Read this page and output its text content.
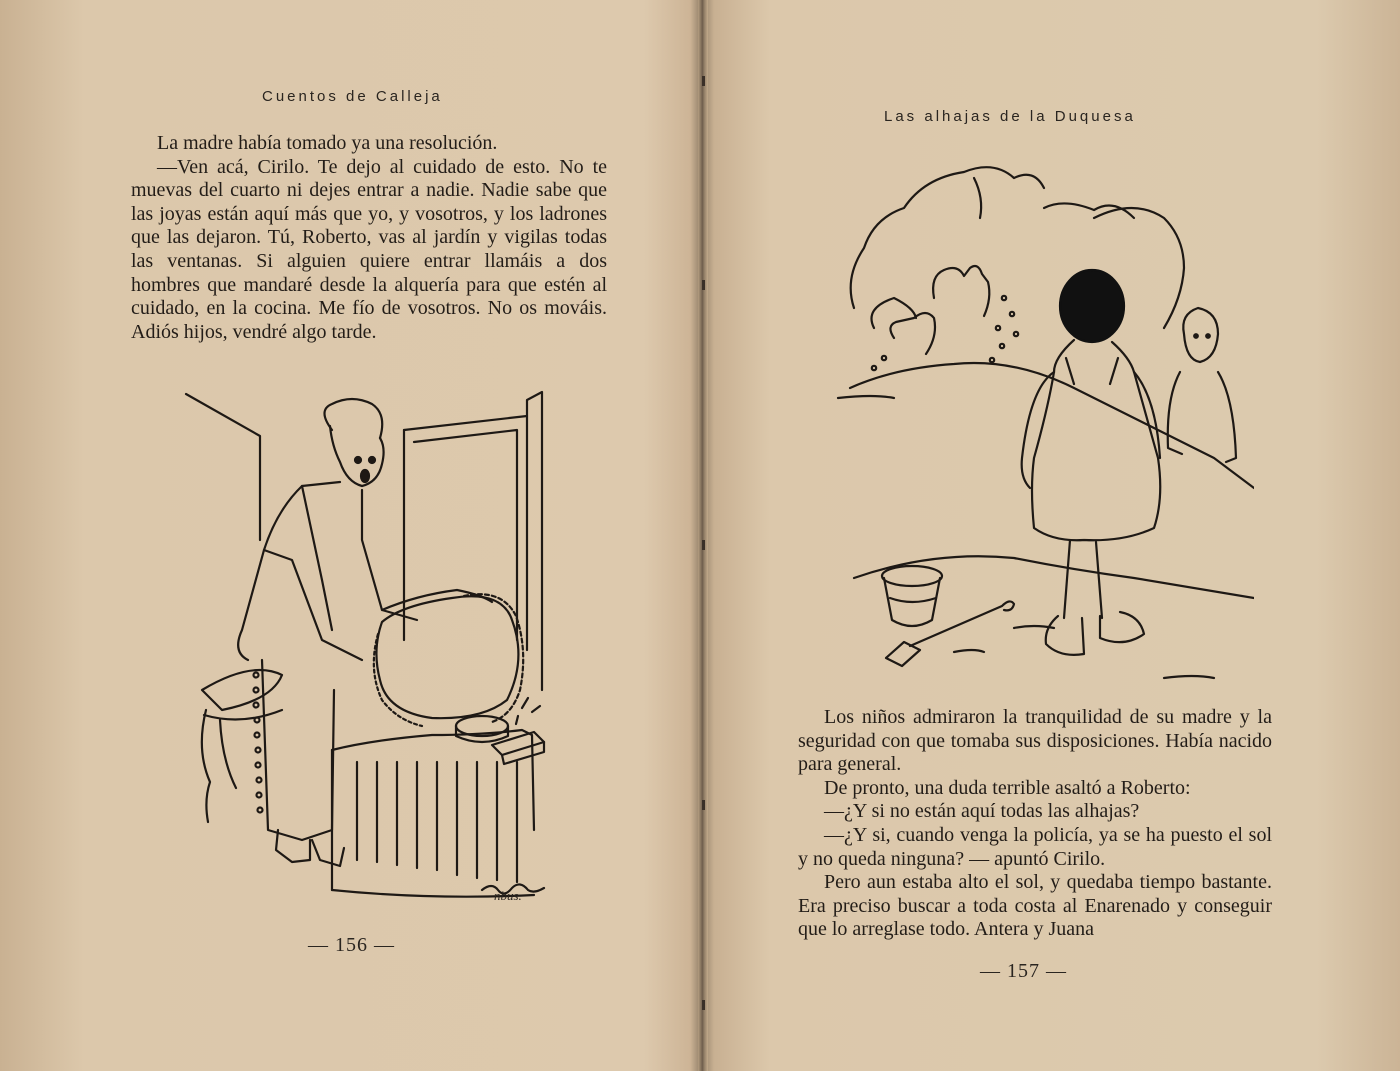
Cuentos de Calleja

La madre había tomado ya una resolución.

—Ven acá, Cirilo. Te dejo al cuidado de esto. No te muevas del cuarto ni dejes entrar a nadie. Nadie sabe que las joyas están aquí más que yo, y vosotros, y los ladrones que las dejaron. Tú, Roberto, vas al jardín y vigilas todas las ventanas. Si alguien quiere entrar llamáis a dos hombres que mandaré desde la alquería para que estén al cuidado, en la cocina. Me fío de vosotros. No os mováis. Adiós hijos, vendré algo tarde.

nbus.
— 156 —
Las alhajas de la Duquesa

Los niños admiraron la tranquilidad de su madre y la seguridad con que tomaba sus disposiciones. Había nacido para general.

De pronto, una duda terrible asaltó a Roberto:

—¿Y si no están aquí todas las alhajas?

—¿Y si, cuando venga la policía, ya se ha puesto el sol y no queda ninguna? — apuntó Cirilo.

Pero aun estaba alto el sol, y quedaba tiempo bastante. Era preciso buscar a toda costa al Enarenado y conseguir que lo arreglase todo. Antera y Juana

— 157 —
